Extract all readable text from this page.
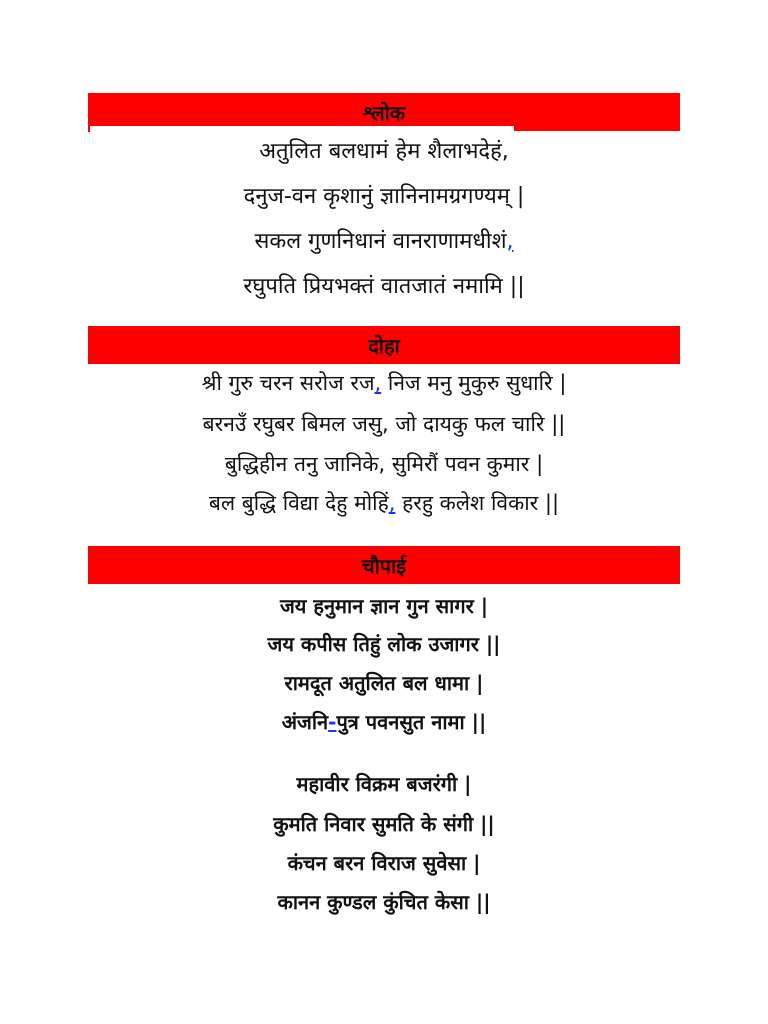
श्लोक
अतुलित बलधामं हेम शैलाभदेहं,
दनुज-वन कृशानुं ज्ञानिनामग्रगण्यम् |
सकल गुणनिधानं वानराणामधीशं,
रघुपति प्रियभक्तं वातजातं नमामि ||
दोहा
श्री गुरु चरन सरोज रज, निज मनु मुकुरु सुधारि |
बरनउँ रघुबर बिमल जसु, जो दायकु फल चारि ||
बुद्धिहीन तनु जानिके, सुमिरौं पवन कुमार |
बल बुद्धि विद्या देहु मोहिं, हरहु कलेश विकार ||
चौपाई
जय हनुमान ज्ञान गुन सागर |
जय कपीस तिहुं लोक उजागर ||
रामदूत अतुलित बल धामा |
अंजनि-पुत्र पवनसुत नामा ||
महावीर विक्रम बजरंगी |
कुमति निवार सुमति के संगी ||
कंचन बरन विराज सुवेसा |
कानन कुण्डल कुंचित केसा ||
